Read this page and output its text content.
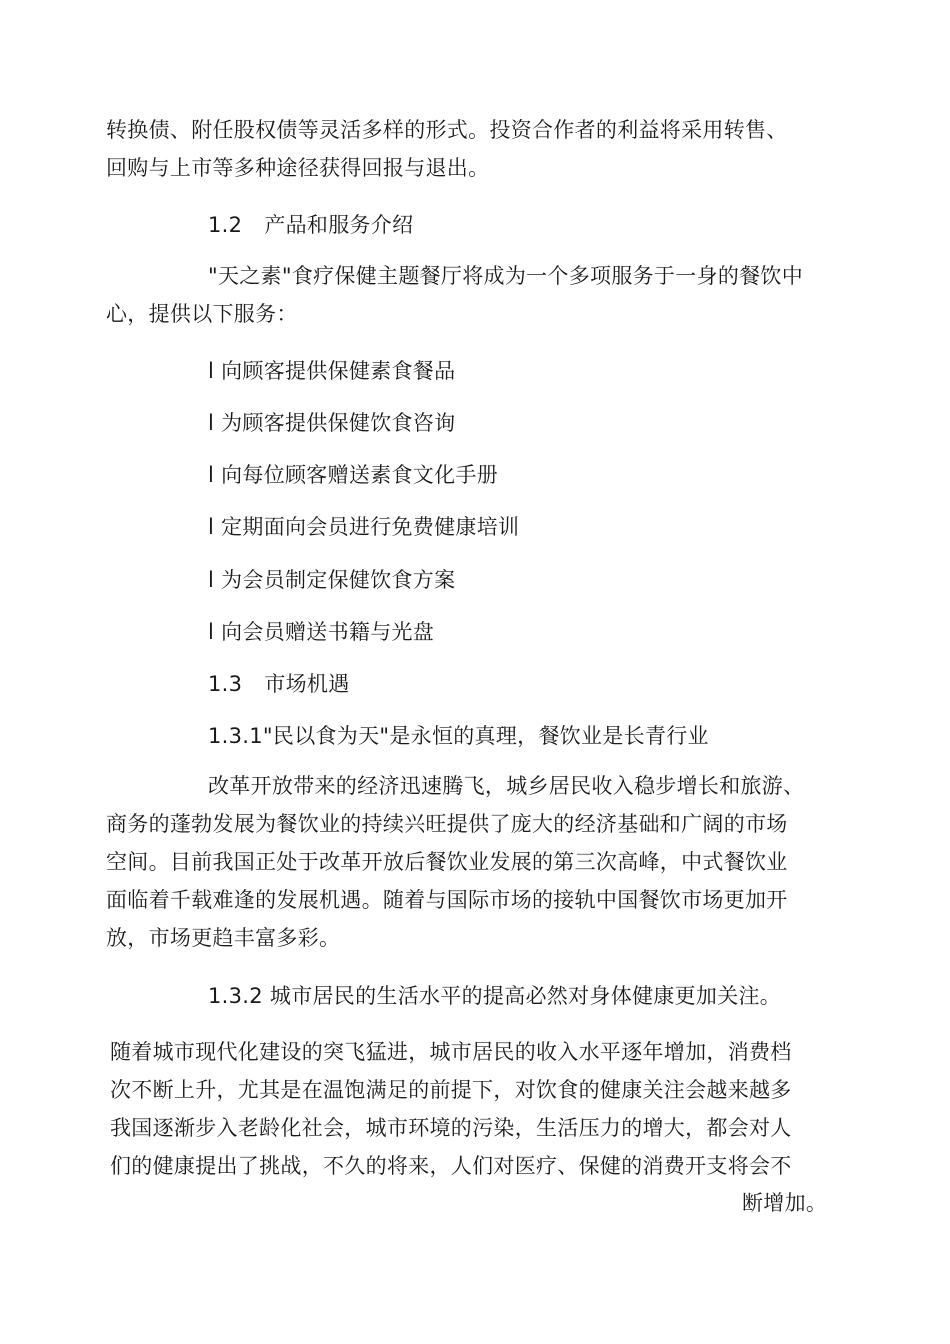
转换债、附任股权债等灵活多样的形式。投资合作者的利益将采用转售、
回购与上市等多种途径获得回报与退出。
1.2 产品和服务介绍
"天之素"食疗保健主题餐厅将成为一个多项服务于一身的餐饮中
心，提供以下服务：
l 向顾客提供保健素食餐品
l 为顾客提供保健饮食咨询
l 向每位顾客赠送素食文化手册
l 定期面向会员进行免费健康培训
l 为会员制定保健饮食方案
l 向会员赠送书籍与光盘
1.3 市场机遇
1.3.1"民以食为天"是永恒的真理，餐饮业是长青行业
改革开放带来的经济迅速腾飞，城乡居民收入稳步增长和旅游、
商务的蓬勃发展为餐饮业的持续兴旺提供了庞大的经济基础和广阔的市场
空间。目前我国正处于改革开放后餐饮业发展的第三次高峰，中式餐饮业
面临着千载难逢的发展机遇。随着与国际市场的接轨中国餐饮市场更加开
放，市场更趋丰富多彩。
1.3.2 城市居民的生活水平的提高必然对身体健康更加关注。
随着城市现代化建设的突飞猛进，城市居民的收入水平逐年增加，消费档
次不断上升，尤其是在温饱满足的前提下，对饮食的健康关注会越来越多
我国逐渐步入老龄化社会，城市环境的污染，生活压力的增大，都会对人
们的健康提出了挑战，不久的将来，人们对医疗、保健的消费开支将会不
断增加。
